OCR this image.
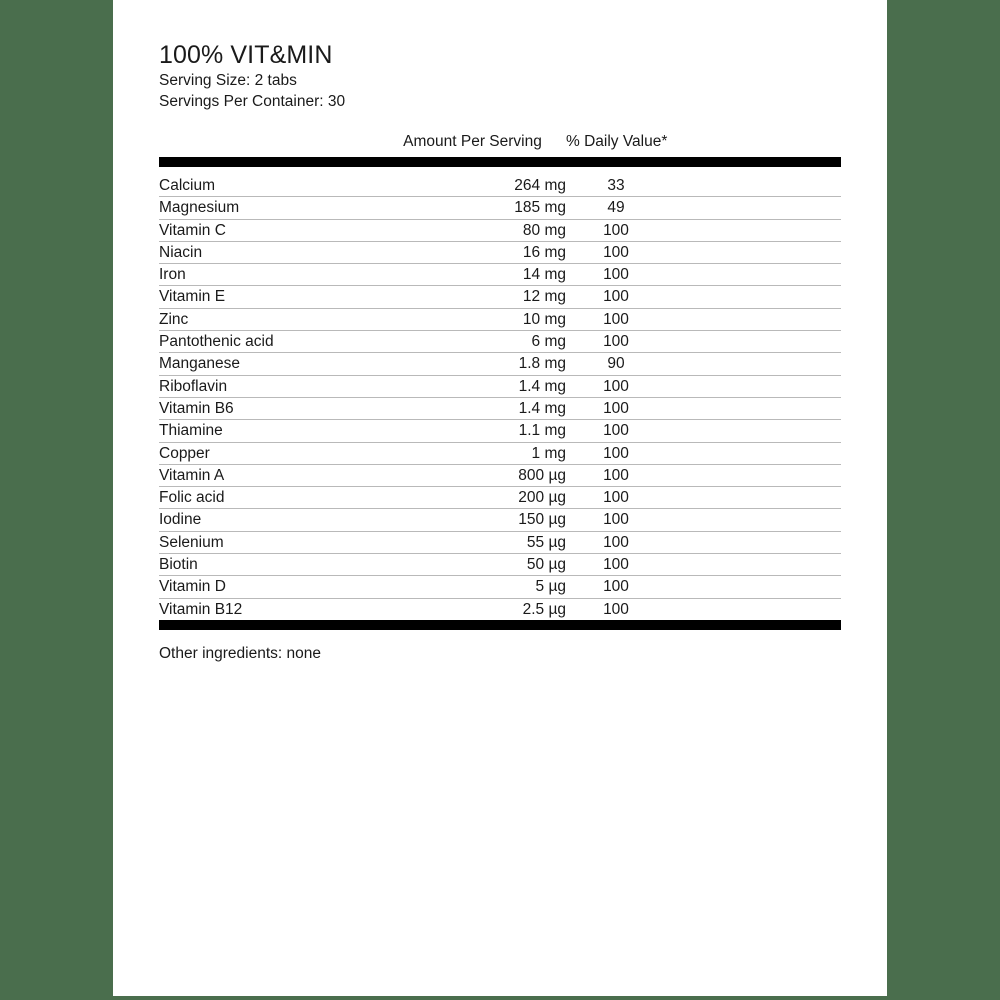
100% VIT&MIN

Serving Size: 2 tabs

Servings Per Container: 30

	Amount Per Serving	% Daily Value*

Calcium	264 mg	33
Magnesium	185 mg	49
Vitamin C	80 mg	100
Niacin	16 mg	100
Iron	14 mg	100
Vitamin E	12 mg	100
Zinc	10 mg	100
Pantothenic acid	6 mg	100
Manganese	1.8 mg	90
Riboflavin	1.4 mg	100
Vitamin B6	1.4 mg	100
Thiamine	1.1 mg	100
Copper	1 mg	100
Vitamin A	800 µg	100
Folic acid	200 µg	100
Iodine	150 µg	100
Selenium	55 µg	100
Biotin	50 µg	100
Vitamin D	5 µg	100
Vitamin B12	2.5 µg	100

Other ingredients: none
